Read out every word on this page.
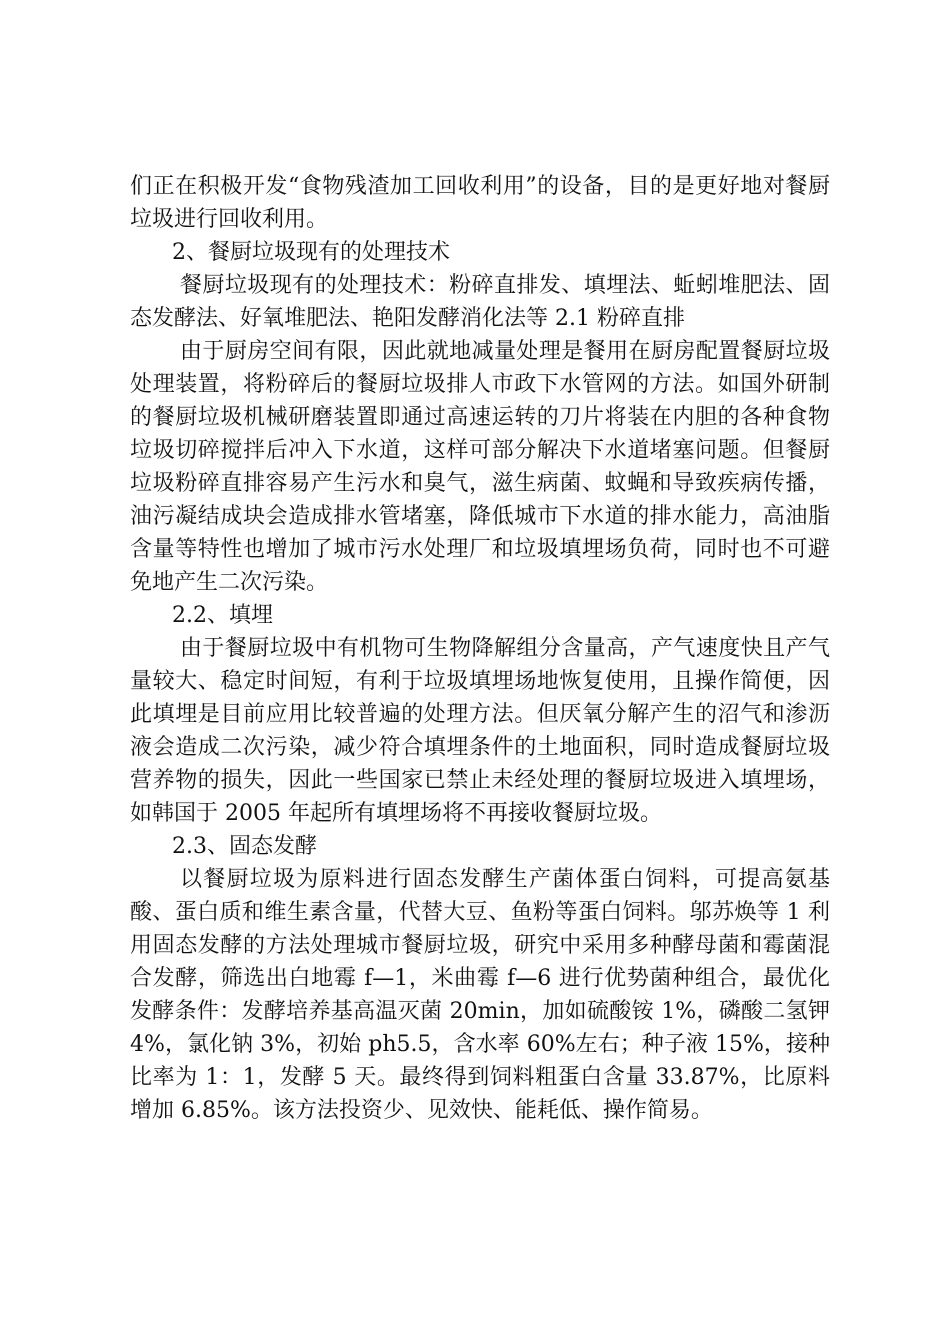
们正在积极开发“食物残渣加工回收利用”的设备，目的是更好地对餐厨垃圾进行回收利用。

2、餐厨垃圾现有的处理技术

餐厨垃圾现有的处理技术：粉碎直排发、填埋法、蚯蚓堆肥法、固态发酵法、好氧堆肥法、艳阳发酵消化法等 2.1 粉碎直排

由于厨房空间有限，因此就地减量处理是餐用在厨房配置餐厨垃圾处理装置，将粉碎后的餐厨垃圾排人市政下水管网的方法。如国外研制的餐厨垃圾机械研磨装置即通过高速运转的刀片将装在内胆的各种食物垃圾切碎搅拌后冲入下水道，这样可部分解决下水道堵塞问题。但餐厨垃圾粉碎直排容易产生污水和臭气，滋生病菌、蚊蝇和导致疾病传播，油污凝结成块会造成排水管堵塞，降低城市下水道的排水能力，高油脂含量等特性也增加了城市污水处理厂和垃圾填埋场负荷，同时也不可避免地产生二次污染。

2.2、填埋

由于餐厨垃圾中有机物可生物降解组分含量高，产气速度快且产气量较大、稳定时间短，有利于垃圾填埋场地恢复使用，且操作简便，因此填埋是目前应用比较普遍的处理方法。但厌氧分解产生的沼气和渗沥液会造成二次污染，减少符合填埋条件的土地面积，同时造成餐厨垃圾营养物的损失，因此一些国家已禁止未经处理的餐厨垃圾进入填埋场，如韩国于 2005 年起所有填埋场将不再接收餐厨垃圾。

2.3、固态发酵

以餐厨垃圾为原料进行固态发酵生产菌体蛋白饲料，可提高氨基酸、蛋白质和维生素含量，代替大豆、鱼粉等蛋白饲料。邬苏焕等 1 利用固态发酵的方法处理城市餐厨垃圾，研究中采用多种酵母菌和霉菌混合发酵，筛选出白地霉 f—1，米曲霉 f—6 进行优势菌种组合，最优化发酵条件：发酵培养基高温灭菌 20min，加如硫酸铵 1%，磷酸二氢钾 4%，氯化钠 3%，初始 ph5.5，含水率 60%左右；种子液 15%，接种比率为 1：1，发酵 5 天。最终得到饲料粗蛋白含量 33.87%，比原料增加 6.85%。该方法投资少、见效快、能耗低、操作简易。
